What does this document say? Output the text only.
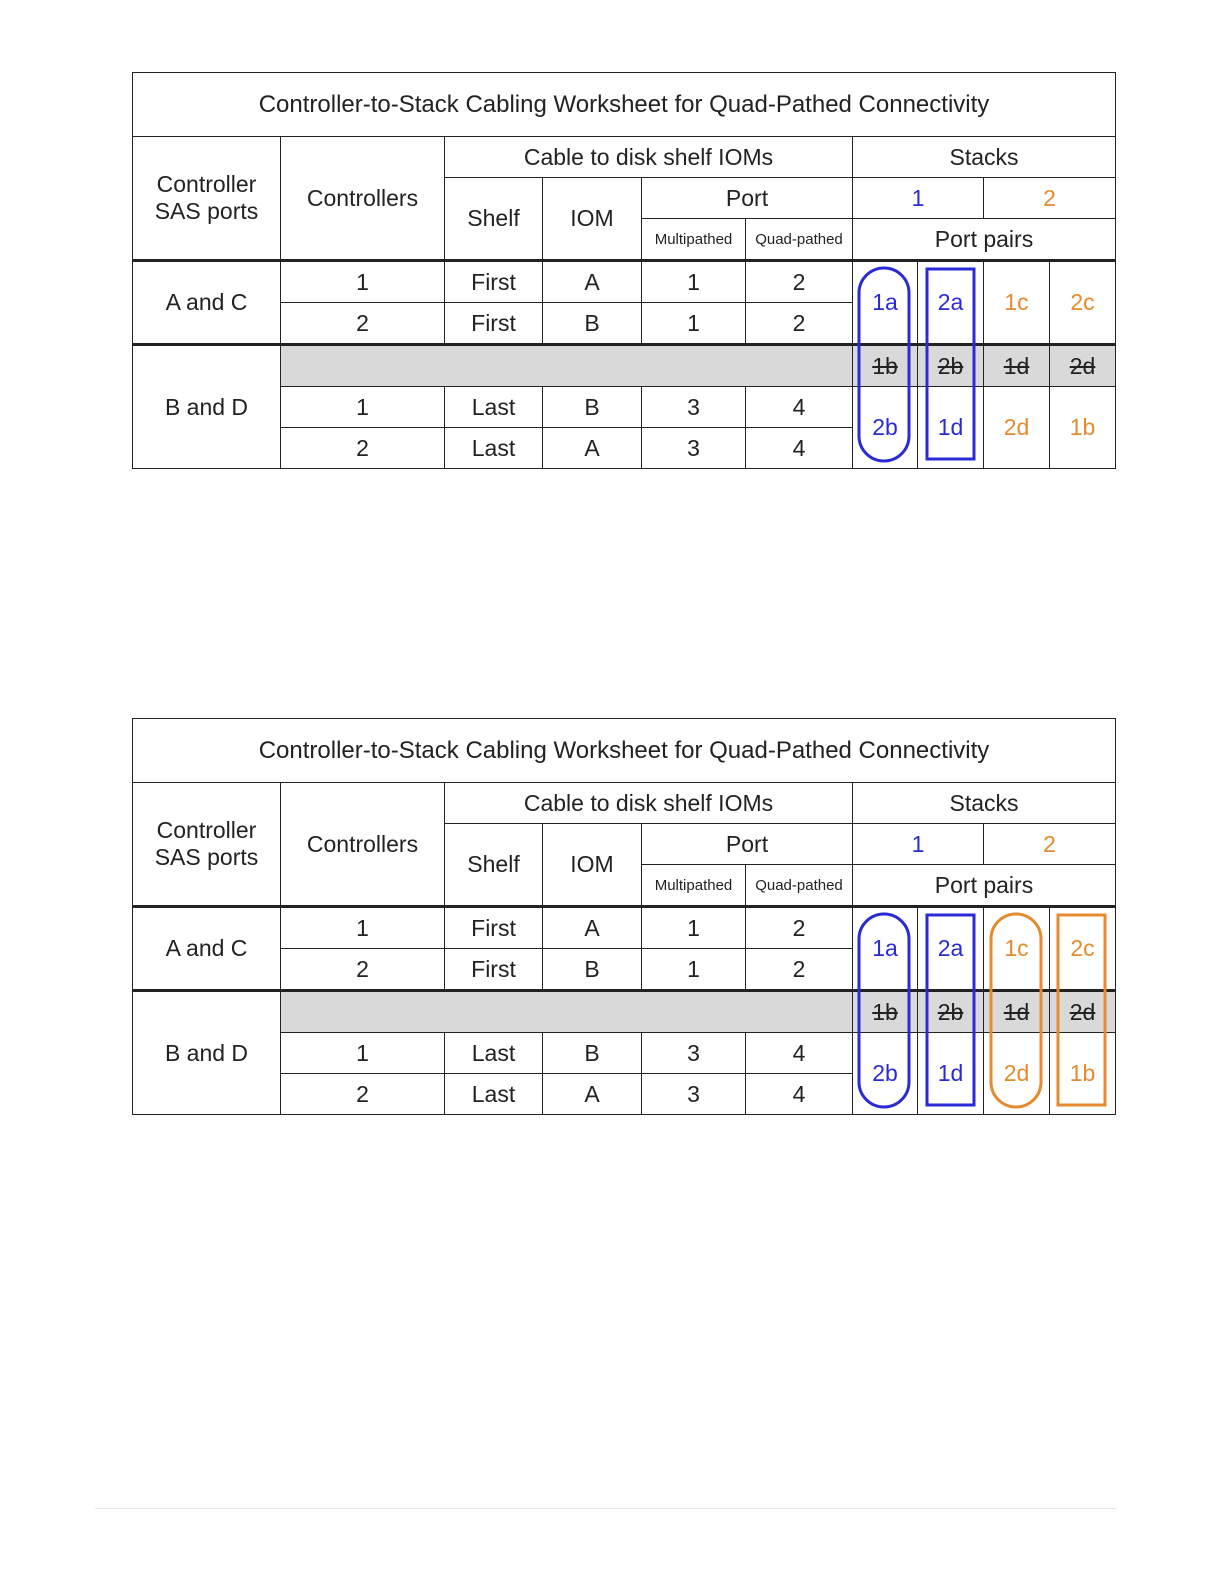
Controller-to-Stack Cabling Worksheet for Quad-Pathed Connectivity									
Controller SAS ports	Controllers	Cable to disk shelf IOMs				Stacks			
		Shelf	IOM	Port		1		2	
				Multipathed	Quad-pathed	Port pairs			
A and C	1	First	A	1	2	1a	2a	1c	2c
	2	First	B	1	2				
B and D						1b	2b	1d	2d
	1	Last	B	3	4	2b	1d	2d	1b
	2	Last	A	3	4				
Controller-to-Stack Cabling Worksheet for Quad-Pathed Connectivity									
Controller SAS ports	Controllers	Cable to disk shelf IOMs				Stacks			
		Shelf	IOM	Port		1		2	
				Multipathed	Quad-pathed	Port pairs			
A and C	1	First	A	1	2	1a	2a	1c	2c
	2	First	B	1	2				
B and D						1b	2b	1d	2d
	1	Last	B	3	4	2b	1d	2d	1b
	2	Last	A	3	4				
